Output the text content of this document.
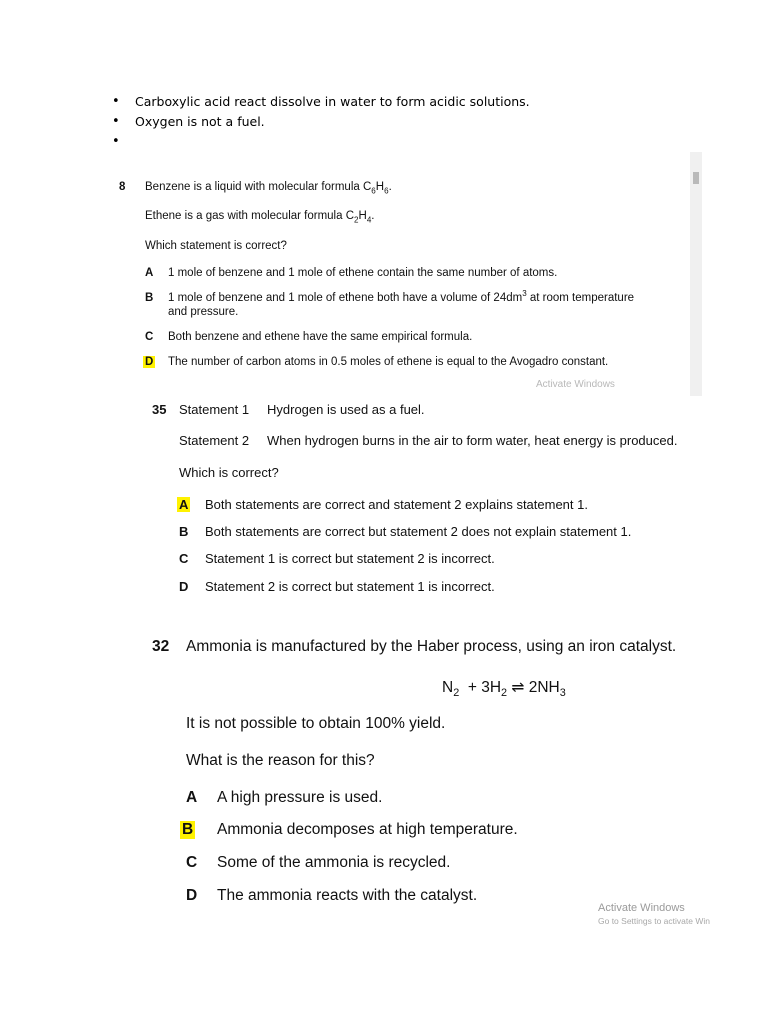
• Carboxylic acid react dissolve in water to form acidic solutions.
• Oxygen is not a fuel.
•
8 Benzene is a liquid with molecular formula $C_6H_6$.
Ethene is a gas with molecular formula $C_2H_4$.
Which statement is correct?
A 1 mole of benzene and 1 mole of ethene contain the same number of atoms.
B 1 mole of benzene and 1 mole of ethene both have a volume of $24dm^3$ at room temperature
and pressure.
C Both benzene and ethene have the same empirical formula.
D The number of carbon atoms in 0.5 moles of ethene is equal to the Avogadro constant.
Activate Windows
35 Statement 1 Hydrogen is used as a fuel.
Statement 2 When hydrogen burns in the air to form water, heat energy is produced.
Which is correct?
A Both statements are correct and statement 2 explains statement 1.
B Both statements are correct but statement 2 does not explain statement 1.
C Statement 1 is correct but statement 2 is incorrect.
D Statement 2 is correct but statement 1 is incorrect.
32 Ammonia is manufactured by the Haber process, using an iron catalyst.
$N_2 + 3H_2$ ⇌ $2NH_3$
It is not possible to obtain 100% yield.
What is the reason for this?
A A high pressure is used.
B Ammonia decomposes at high temperature.
C Some of the ammonia is recycled.
D The ammonia reacts with the catalyst.
Activate Windows
Go to Settings to activate Win
